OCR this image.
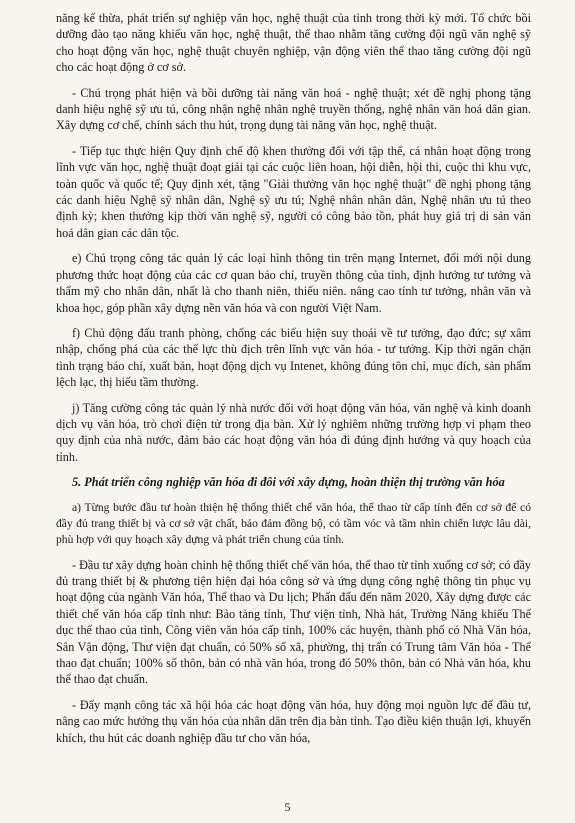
năng kế thừa, phát triển sự nghiệp văn học, nghệ thuật của tỉnh trong thời kỳ mới. Tổ chức bồi dưỡng đào tạo năng khiếu văn học, nghệ thuật, thể thao nhằm tăng cường đội ngũ văn nghệ sỹ cho hoạt động văn học, nghệ thuật chuyên nghiệp, vận động viên thể thao tăng cường đội ngũ cho các hoạt động ở cơ sở.

- Chú trọng phát hiện và bồi dưỡng tài năng văn hoá - nghệ thuật; xét đề nghị phong tặng danh hiệu nghệ sỹ ưu tú, công nhận nghệ nhân nghệ truyền thống, nghệ nhân văn hoá dân gian. Xây dựng cơ chế, chính sách thu hút, trọng dụng tài năng văn học, nghệ thuật.

- Tiếp tục thực hiện Quy định chế độ khen thưởng đối với tập thể, cá nhân hoạt động trong lĩnh vực văn học, nghệ thuật đoạt giải tại các cuộc liên hoan, hội diễn, hội thi, cuộc thi khu vực, toàn quốc và quốc tế; Quy định xét, tặng "Giải thưởng văn học nghệ thuật" đề nghị phong tặng các danh hiệu Nghệ sỹ nhân dân, Nghệ sỹ ưu tú; Nghệ nhân nhân dân, Nghệ nhân ưu tú theo định kỳ; khen thưởng kịp thời văn nghệ sỹ, người có công bảo tồn, phát huy giá trị di sản văn hoá dân gian các dân tộc.

e) Chú trọng công tác quản lý các loại hình thông tin trên mạng Internet, đổi mới nội dung phương thức hoạt động của các cơ quan báo chí, truyền thông của tỉnh, định hướng tư tưởng và thẩm mỹ cho nhân dân, nhất là cho thanh niên, thiếu niên. nâng cao tính tư tưởng, nhân văn và khoa học, góp phần xây dựng nền văn hóa và con người Việt Nam.

f) Chủ động đấu tranh phòng, chống các biểu hiện suy thoái về tư tưởng, đạo đức; sự xâm nhập, chống phá của các thế lực thù địch trên lĩnh vực văn hóa - tư tưởng. Kịp thời ngăn chặn tình trạng báo chí, xuất bản, hoạt động dịch vụ Intenet, không đúng tôn chỉ, mục đích, sản phẩm lệch lạc, thị hiếu tầm thường.

j) Tăng cường công tác quản lý nhà nước đối với hoạt động văn hóa, văn nghệ và kinh doanh dịch vụ văn hóa, trò chơi điện tử trong địa bàn. Xử lý nghiêm những trường hợp vi phạm theo quy định của nhà nước, đảm bảo các hoạt động văn hóa đi đúng định hướng và quy hoạch của tỉnh.

5. Phát triển công nghiệp văn hóa đi đôi với xây dựng, hoàn thiện thị trường văn hóa

a) Từng bước đầu tư hoàn thiện hệ thống thiết chế văn hóa, thể thao từ cấp tỉnh đến cơ sở để có đầy đủ trang thiết bị và cơ sở vật chất, bảo đảm đồng bộ, có tầm vóc và tầm nhìn chiến lược lâu dài, phù hợp với quy hoạch xây dựng và phát triển chung của tỉnh.

- Đầu tư xây dựng hoàn chỉnh hệ thống thiết chế văn hóa, thể thao từ tỉnh xuống cơ sở; có đầy đủ trang thiết bị & phương tiện hiện đại hóa công sở và ứng dụng công nghệ thông tin phục vụ hoạt động của ngành Văn hóa, Thể thao và Du lịch; Phấn đấu đến năm 2020, Xây dựng được các thiết chế văn hóa cấp tỉnh như: Bảo tàng tỉnh, Thư viện tỉnh, Nhà hát, Trường Năng khiếu Thể dục thể thao của tỉnh, Công viên văn hóa cấp tỉnh, 100% các huyện, thành phố có Nhà Văn hóa, Sân Vận động, Thư viện đạt chuẩn, có 50% số xã, phường, thị trấn có Trung tâm Văn hóa - Thể thao đạt chuẩn; 100% số thôn, bản có nhà văn hóa, trong đó 50% thôn, bản có Nhà văn hóa, khu thể thao đạt chuẩn.

- Đẩy mạnh công tác xã hội hóa các hoạt động văn hóa, huy động mọi nguồn lực để đầu tư, nâng cao mức hưởng thụ văn hóa của nhân dân trên địa bàn tỉnh. Tạo điều kiện thuận lợi, khuyến khích, thu hút các doanh nghiệp đầu tư cho văn hóa,

5
